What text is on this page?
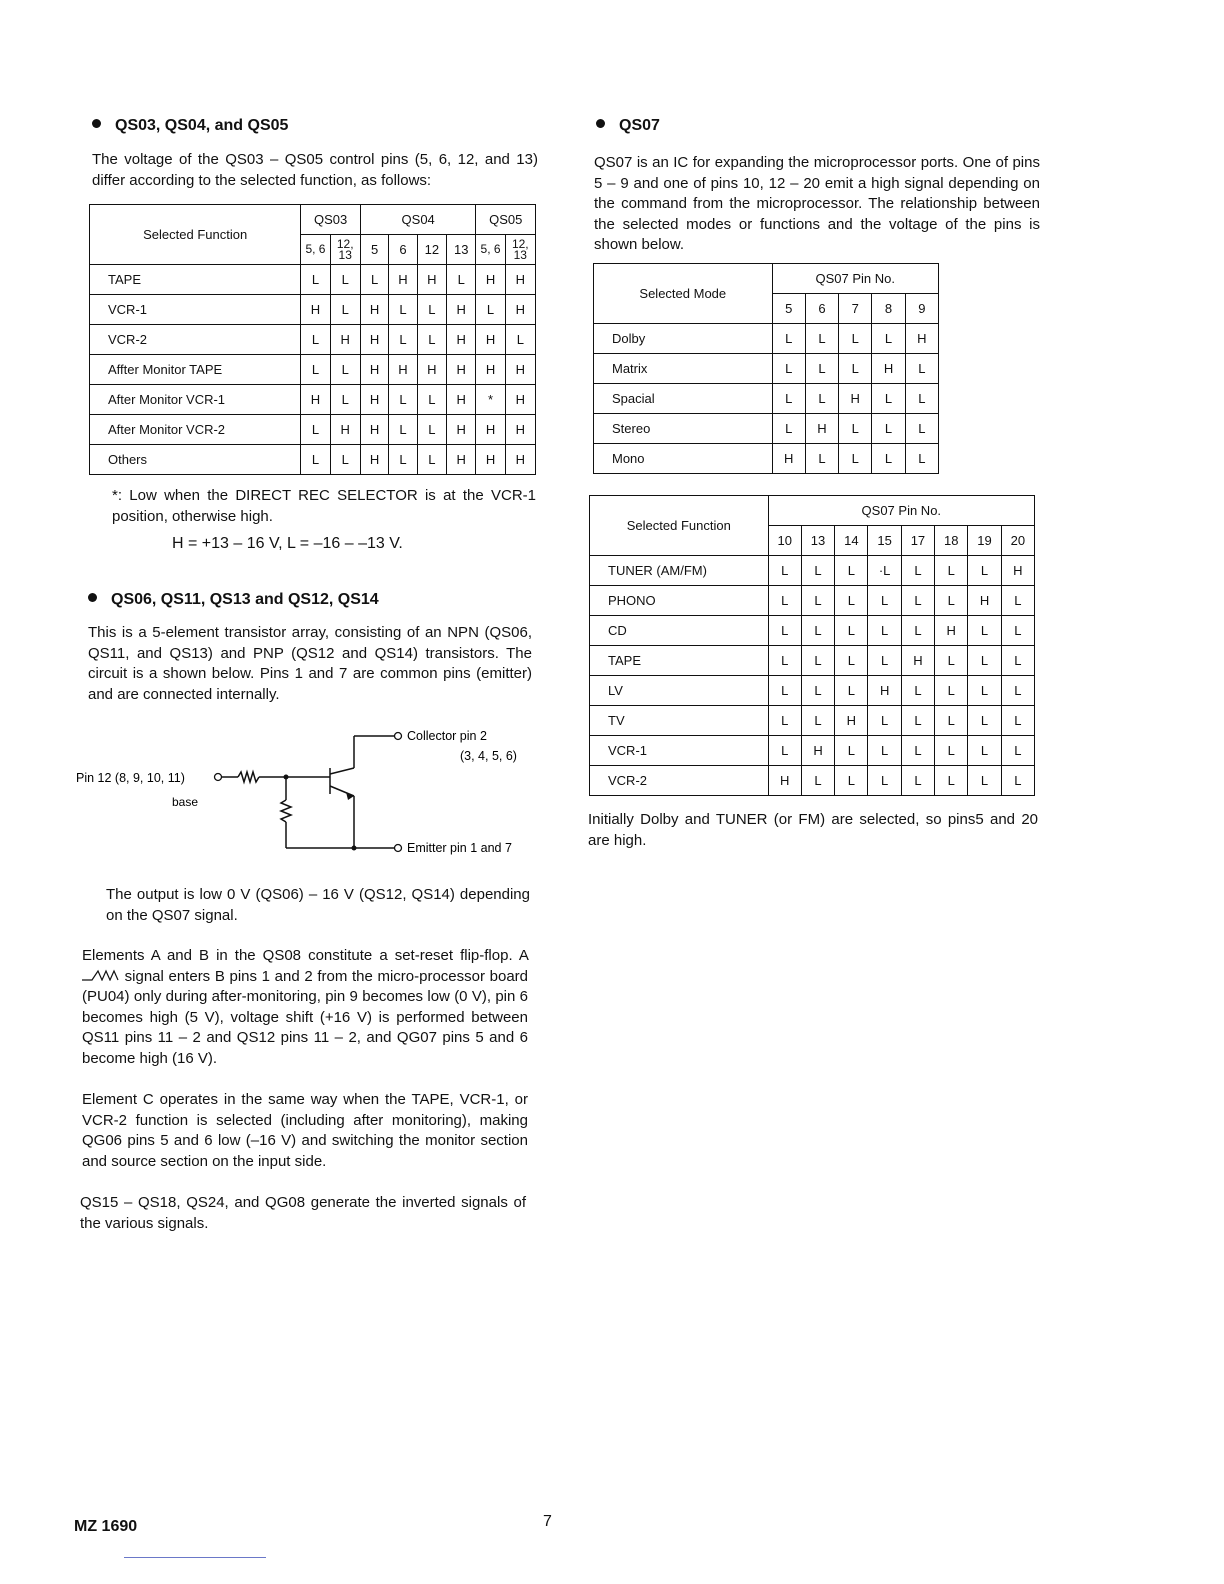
QS03, QS04, and QS05
The voltage of the QS03 – QS05 control pins (5, 6, 12, and 13) differ according to the selected function, as follows:
Selected Function	QS03		QS04				QS05	
	5, 6	12, 13	5	6	12	13	5, 6	12, 13
TAPE	L	L	L	H	H	L	H	H
VCR-1	H	L	H	L	L	H	L	H
VCR-2	L	H	H	L	L	H	H	L
Affter Monitor TAPE	L	L	H	H	H	H	H	H
After Monitor VCR-1	H	L	H	L	L	H	*	H
After Monitor VCR-2	L	H	H	L	L	H	H	H
Others	L	L	H	L	L	H	H	H
*: Low when the DIRECT REC SELECTOR is at the VCR-1 position, otherwise high.
H = +13 – 16 V, L = –16 – –13 V.
QS06, QS11, QS13 and QS12, QS14
This is a 5-element transistor array, consisting of an NPN (QS06, QS11, and QS13) and PNP (QS12 and QS14) transistors. The circuit is a shown below. Pins 1 and 7 are common pins (emitter) and are connected internally.
Collector pin 2
(3, 4, 5, 6)
Pin 12 (8, 9, 10, 11)
base
Emitter pin 1 and 7
The output is low 0 V (QS06) – 16 V (QS12, QS14) depending on the QS07 signal.
Elements A and B in the QS08 constitute a set-reset flip-flop. A  signal enters B pins 1 and 2 from the micro-processor board (PU04) only during after-monitoring, pin 9 becomes low (0 V), pin 6 becomes high (5 V), voltage shift (+16 V) is performed between QS11 pins 11 – 2 and QS12 pins 11 – 2, and QG07 pins 5 and 6 become high (16 V).
Element C operates in the same way when the TAPE, VCR-1, or VCR-2 function is selected (including after monitoring), making QG06 pins 5 and 6 low (–16 V) and switching the monitor section and source section on the input side.
QS15 – QS18, QS24, and QG08 generate the inverted signals of the various signals.
QS07
QS07 is an IC for expanding the microprocessor ports. One of pins 5 – 9 and one of pins 10, 12 – 20 emit a high signal depending on the command from the microprocessor. The relationship between the selected modes or functions and the voltage of the pins is shown below.
Selected Mode	QS07 Pin No.				
	5	6	7	8	9
Dolby	L	L	L	L	H
Matrix	L	L	L	H	L
Spacial	L	L	H	L	L
Stereo	L	H	L	L	L
Mono	H	L	L	L	L
Selected Function	QS07 Pin No.							
	10	13	14	15	17	18	19	20
TUNER (AM/FM)	L	L	L	·L	L	L	L	H
PHONO	L	L	L	L	L	L	H	L
CD	L	L	L	L	L	H	L	L
TAPE	L	L	L	L	H	L	L	L
LV	L	L	L	H	L	L	L	L
TV	L	L	H	L	L	L	L	L
VCR-1	L	H	L	L	L	L	L	L
VCR-2	H	L	L	L	L	L	L	L
Initially Dolby and TUNER (or FM) are selected, so pins5 and 20 are high.
MZ 1690	7
